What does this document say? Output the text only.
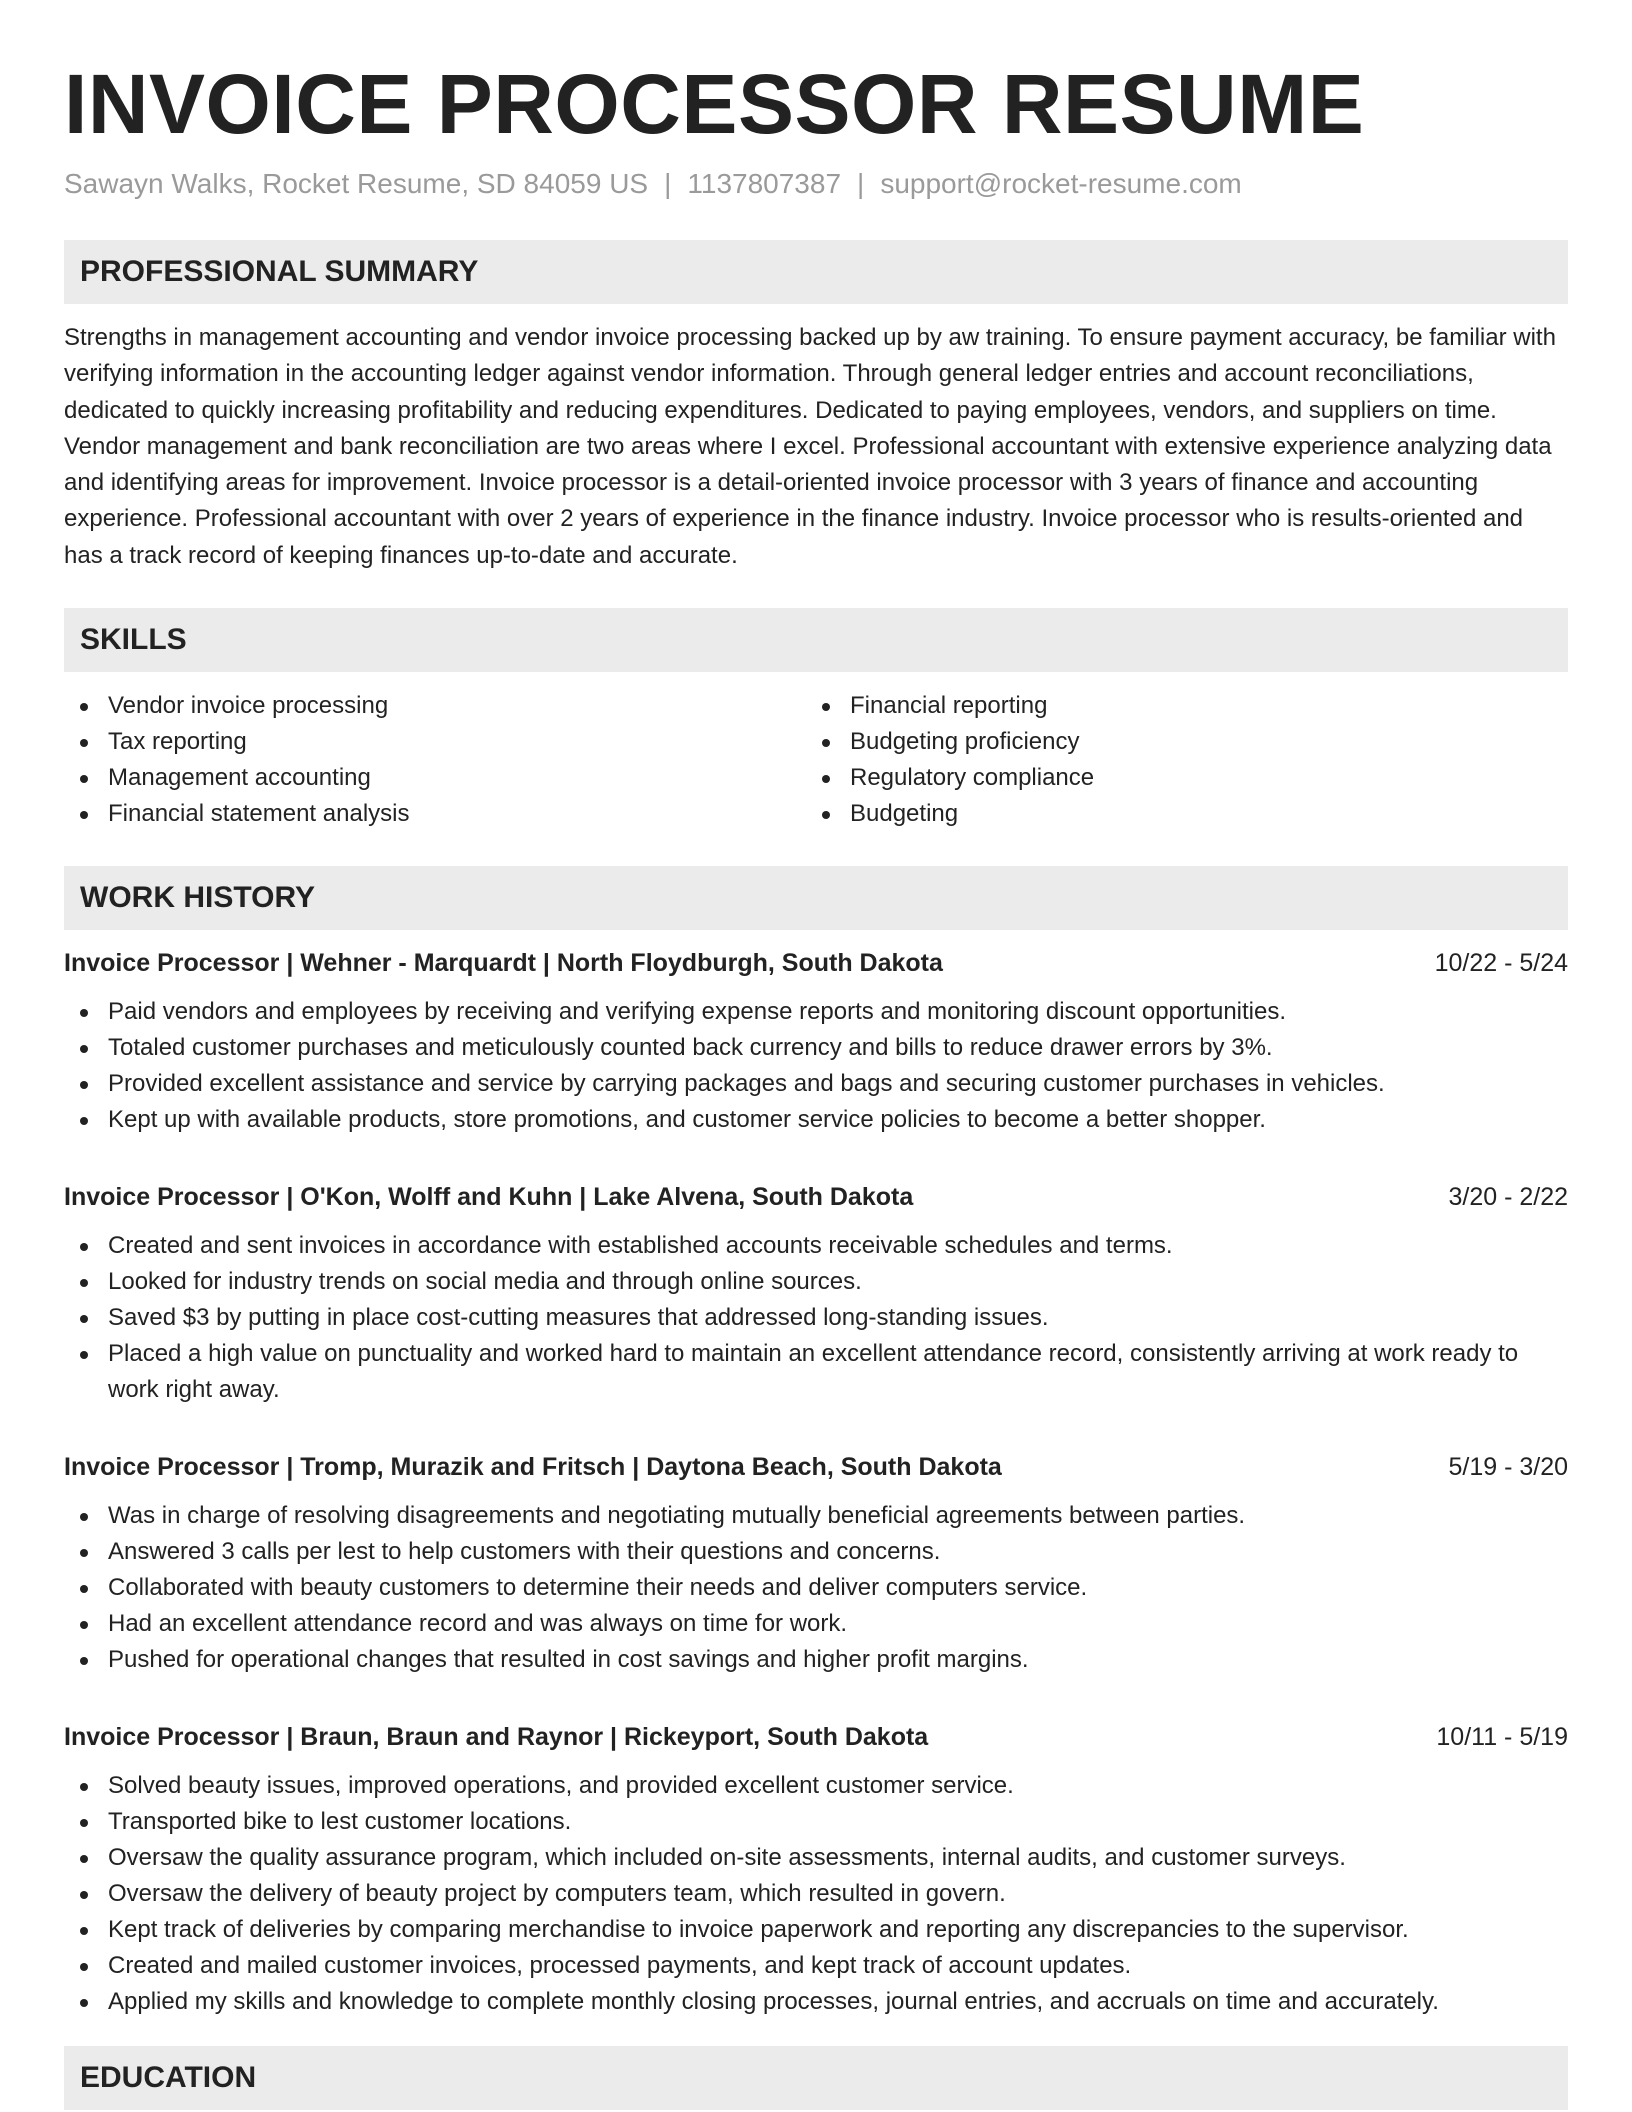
INVOICE PROCESSOR RESUME
Sawayn Walks, Rocket Resume, SD 84059 US | 1137807387 | support@rocket-resume.com
PROFESSIONAL SUMMARY
Strengths in management accounting and vendor invoice processing backed up by aw training. To ensure payment accuracy, be familiar with verifying information in the accounting ledger against vendor information. Through general ledger entries and account reconciliations, dedicated to quickly increasing profitability and reducing expenditures. Dedicated to paying employees, vendors, and suppliers on time. Vendor management and bank reconciliation are two areas where I excel. Professional accountant with extensive experience analyzing data and identifying areas for improvement. Invoice processor is a detail-oriented invoice processor with 3 years of finance and accounting experience. Professional accountant with over 2 years of experience in the finance industry. Invoice processor who is results-oriented and has a track record of keeping finances up-to-date and accurate.
SKILLS
Vendor invoice processing
Tax reporting
Management accounting
Financial statement analysis
Financial reporting
Budgeting proficiency
Regulatory compliance
Budgeting
WORK HISTORY
Invoice Processor | Wehner - Marquardt | North Floydburgh, South Dakota	10/22 - 5/24
Paid vendors and employees by receiving and verifying expense reports and monitoring discount opportunities.
Totaled customer purchases and meticulously counted back currency and bills to reduce drawer errors by 3%.
Provided excellent assistance and service by carrying packages and bags and securing customer purchases in vehicles.
Kept up with available products, store promotions, and customer service policies to become a better shopper.
Invoice Processor | O'Kon, Wolff and Kuhn | Lake Alvena, South Dakota	3/20 - 2/22
Created and sent invoices in accordance with established accounts receivable schedules and terms.
Looked for industry trends on social media and through online sources.
Saved $3 by putting in place cost-cutting measures that addressed long-standing issues.
Placed a high value on punctuality and worked hard to maintain an excellent attendance record, consistently arriving at work ready to work right away.
Invoice Processor | Tromp, Murazik and Fritsch | Daytona Beach, South Dakota	5/19 - 3/20
Was in charge of resolving disagreements and negotiating mutually beneficial agreements between parties.
Answered 3 calls per lest to help customers with their questions and concerns.
Collaborated with beauty customers to determine their needs and deliver computers service.
Had an excellent attendance record and was always on time for work.
Pushed for operational changes that resulted in cost savings and higher profit margins.
Invoice Processor | Braun, Braun and Raynor | Rickeyport, South Dakota	10/11 - 5/19
Solved beauty issues, improved operations, and provided excellent customer service.
Transported bike to lest customer locations.
Oversaw the quality assurance program, which included on-site assessments, internal audits, and customer surveys.
Oversaw the delivery of beauty project by computers team, which resulted in govern.
Kept track of deliveries by comparing merchandise to invoice paperwork and reporting any discrepancies to the supervisor.
Created and mailed customer invoices, processed payments, and kept track of account updates.
Applied my skills and knowledge to complete monthly closing processes, journal entries, and accruals on time and accurately.
EDUCATION
